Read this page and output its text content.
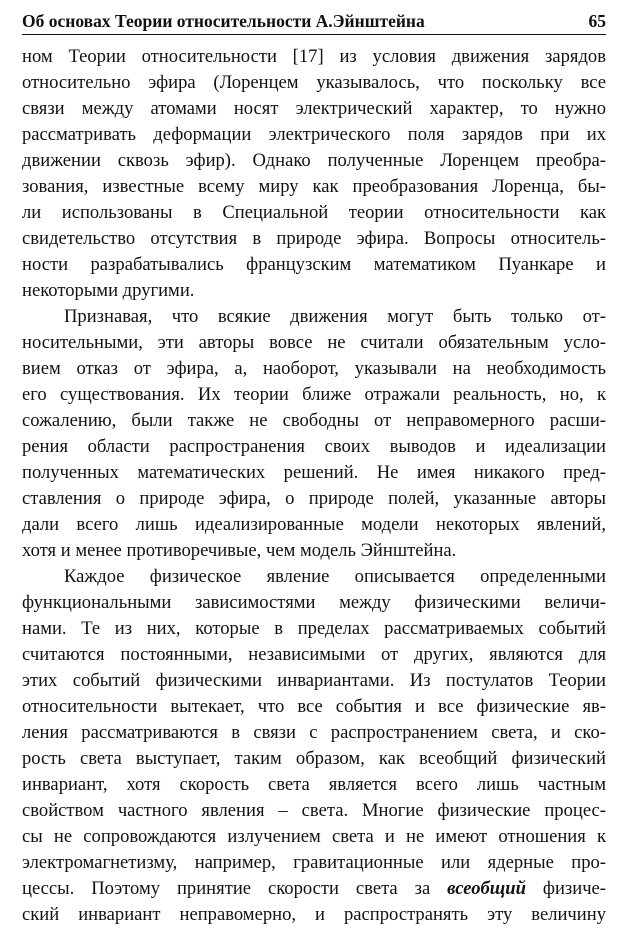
Об основах Теории относительности А.Эйнштейна	65
ном Теории относительности [17] из условия движения зарядов
относительно эфира (Лоренцем указывалось, что поскольку все
связи между атомами носят электрический характер, то нужно
рассматривать деформации электрического поля зарядов при их
движении сквозь эфир). Однако полученные Лоренцем преобра-
зования, известные всему миру как преобразования Лоренца, бы-
ли использованы в Специальной теории относительности как
свидетельство отсутствия в природе эфира. Вопросы относитель-
ности разрабатывались французским математиком Пуанкаре и
некоторыми другими.
Признавая, что всякие движения могут быть только от-
носительными, эти авторы вовсе не считали обязательным усло-
вием отказ от эфира, а, наоборот, указывали на необходимость
его существования. Их теории ближе отражали реальность, но, к
сожалению, были также не свободны от неправомерного расши-
рения области распространения своих выводов и идеализации
полученных математических решений. Не имея никакого пред-
ставления о природе эфира, о природе полей, указанные авторы
дали всего лишь идеализированные модели некоторых явлений,
хотя и менее противоречивые, чем модель Эйнштейна.
Каждое физическое явление описывается определенными
функциональными зависимостями между физическими величи-
нами. Те из них, которые в пределах рассматриваемых событий
считаются постоянными, независимыми от других, являются для
этих событий физическими инвариантами. Из постулатов Теории
относительности вытекает, что все события и все физические яв-
ления рассматриваются в связи с распространением света, и ско-
рость света выступает, таким образом, как всеобщий физический
инвариант, хотя скорость света является всего лишь частным
свойством частного явления – света. Многие физические процес-
сы не сопровождаются излучением света и не имеют отношения к
электромагнетизму, например, гравитационные или ядерные про-
цессы. Поэтому принятие скорости света за всеобщий физиче-
ский инвариант неправомерно, и распространять эту величину
